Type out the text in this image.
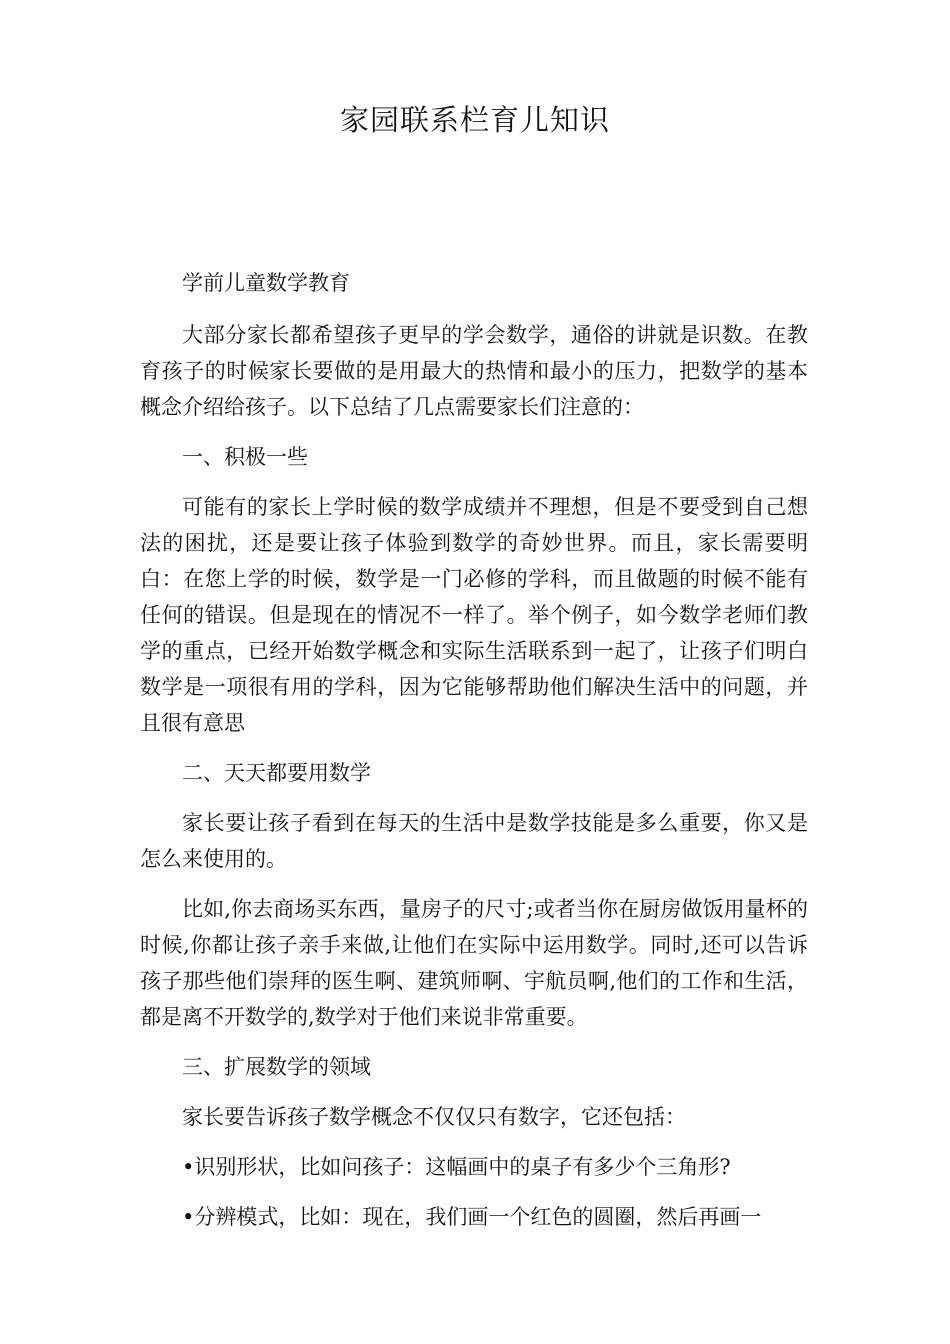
家园联系栏育儿知识

学前儿童数学教育

大部分家长都希望孩子更早的学会数学，通俗的讲就是识数。在教育孩子的时候家长要做的是用最大的热情和最小的压力，把数学的基本概念介绍给孩子。以下总结了几点需要家长们注意的：

一、积极一些

可能有的家长上学时候的数学成绩并不理想，但是不要受到自己想法的困扰，还是要让孩子体验到数学的奇妙世界。而且，家长需要明白：在您上学的时候，数学是一门必修的学科，而且做题的时候不能有任何的错误。但是现在的情况不一样了。举个例子，如今数学老师们教学的重点，已经开始数学概念和实际生活联系到一起了，让孩子们明白数学是一项很有用的学科，因为它能够帮助他们解决生活中的问题，并且很有意思

二、天天都要用数学

家长要让孩子看到在每天的生活中是数学技能是多么重要，你又是怎么来使用的。

比如,你去商场买东西，量房子的尺寸;或者当你在厨房做饭用量杯的时候,你都让孩子亲手来做,让他们在实际中运用数学。同时,还可以告诉孩子那些他们崇拜的医生啊、建筑师啊、宇航员啊,他们的工作和生活，都是离不开数学的,数学对于他们来说非常重要。

三、扩展数学的领域

家长要告诉孩子数学概念不仅仅只有数字，它还包括：

•识别形状，比如问孩子：这幅画中的桌子有多少个三角形?

•分辨模式，比如：现在，我们画一个红色的圆圈，然后再画一
